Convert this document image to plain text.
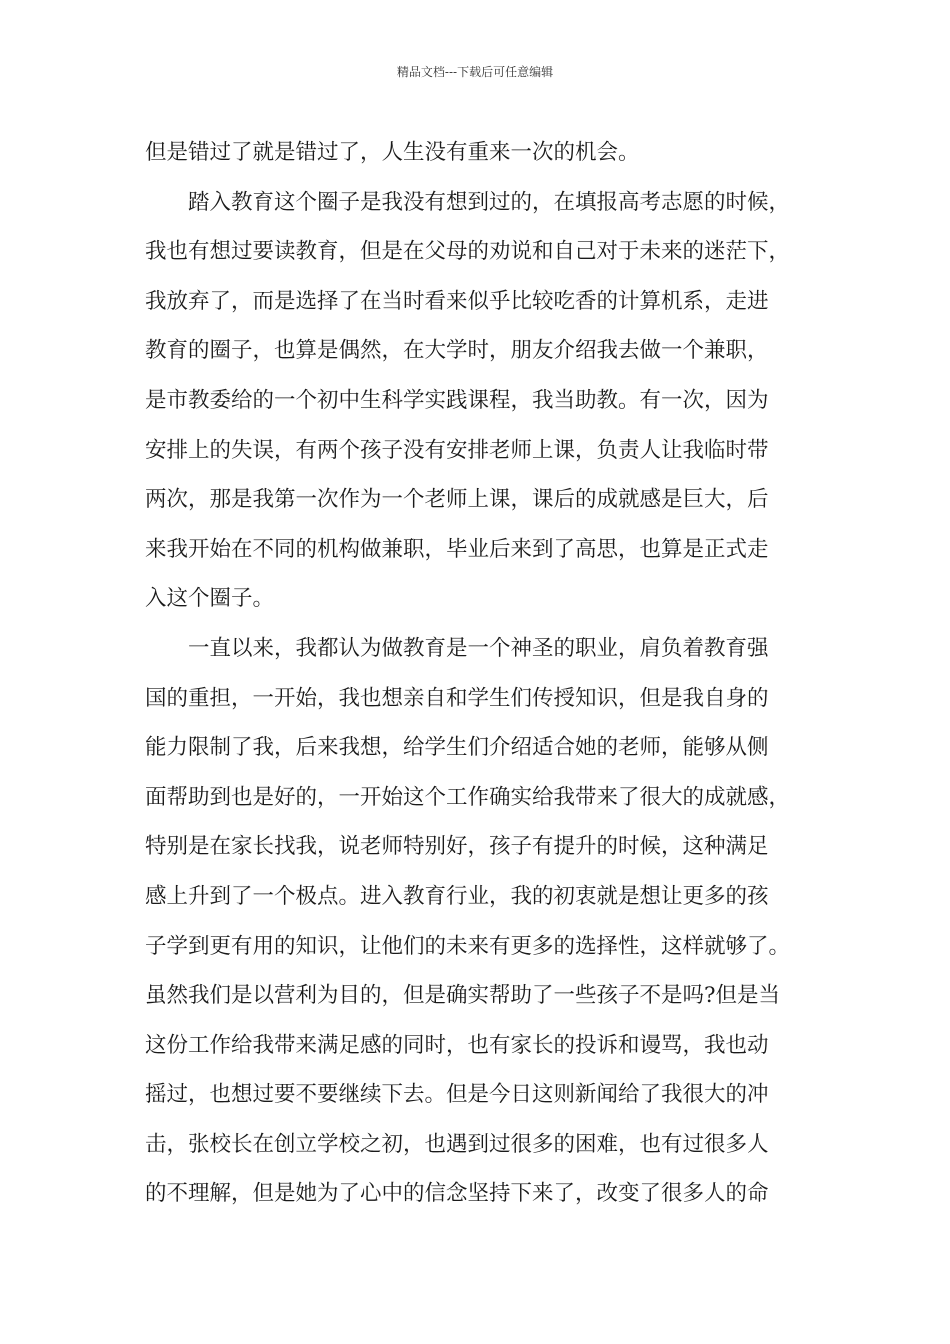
精品文档---下载后可任意编辑
但是错过了就是错过了，人生没有重来一次的机会。
踏入教育这个圈子是我没有想到过的，在填报高考志愿的时候，
我也有想过要读教育，但是在父母的劝说和自己对于未来的迷茫下，
我放弃了，而是选择了在当时看来似乎比较吃香的计算机系，走进
教育的圈子，也算是偶然，在大学时，朋友介绍我去做一个兼职，
是市教委给的一个初中生科学实践课程，我当助教。有一次，因为
安排上的失误，有两个孩子没有安排老师上课，负责人让我临时带
两次，那是我第一次作为一个老师上课，课后的成就感是巨大，后
来我开始在不同的机构做兼职，毕业后来到了高思，也算是正式走
入这个圈子。
一直以来，我都认为做教育是一个神圣的职业，肩负着教育强
国的重担，一开始，我也想亲自和学生们传授知识，但是我自身的
能力限制了我，后来我想，给学生们介绍适合她的老师，能够从侧
面帮助到也是好的，一开始这个工作确实给我带来了很大的成就感，
特别是在家长找我，说老师特别好，孩子有提升的时候，这种满足
感上升到了一个极点。进入教育行业，我的初衷就是想让更多的孩
子学到更有用的知识，让他们的未来有更多的选择性，这样就够了。
虽然我们是以营利为目的，但是确实帮助了一些孩子不是吗?但是当
这份工作给我带来满足感的同时，也有家长的投诉和谩骂，我也动
摇过，也想过要不要继续下去。但是今日这则新闻给了我很大的冲
击，张校长在创立学校之初，也遇到过很多的困难，也有过很多人
的不理解，但是她为了心中的信念坚持下来了，改变了很多人的命
